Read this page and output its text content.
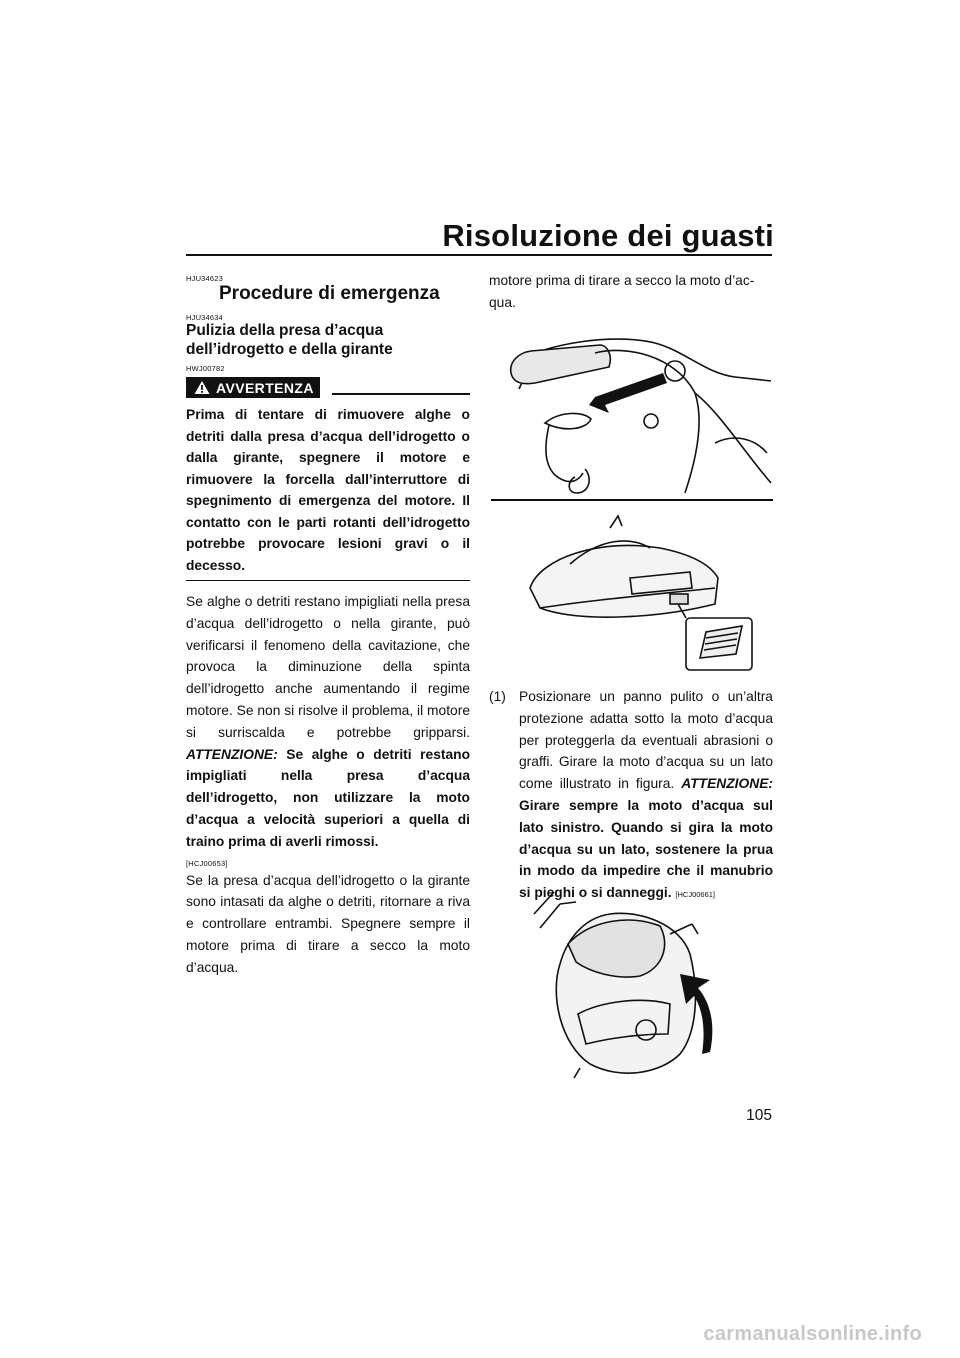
Risoluzione dei guasti
HJU34623
Procedure di emergenza
HJU34634
Pulizia della presa d’acqua
dell’idrogetto e della girante
HWJ00782
AVVERTENZA
Prima di tentare di rimuovere alghe o detriti dalla presa d’acqua dell’idrogetto o dalla girante, spegnere il motore e rimuovere la forcella dall’interruttore di spegnimento di emergenza del motore. Il contatto con le parti rotanti dell’idrogetto potrebbe provocare lesioni gravi o il decesso.

Se alghe o detriti restano impigliati nella presa d’acqua dell’idrogetto o nella girante, può verificarsi il fenomeno della cavitazione, che provoca la diminuzione della spinta dell’idrogetto anche aumentando il regime motore. Se non si risolve il problema, il motore si surriscalda e potrebbe gripparsi. ATTENZIONE: Se alghe o detriti restano impigliati nella presa d’acqua dell’idrogetto, non utilizzare la moto d’acqua a velocità superiori a quella di traino prima di averli rimossi.

[HCJ00653]

Se la presa d’acqua dell’idrogetto o la girante sono intasati da alghe o detriti, ritornare a riva e controllare entrambi. Spegnere sempre il motore prima di tirare a secco la moto d’acqua.

motore prima di tirare a secco la moto d’ac-
qua.

(1) Posizionare un panno pulito o un’altra protezione adatta sotto la moto d’acqua per proteggerla da eventuali abrasioni o graffi. Girare la moto d’acqua su un lato come illustrato in figura. ATTENZIONE: Girare sempre la moto d’acqua sul lato sinistro. Quando si gira la moto d’acqua su un lato, sostenere la prua in modo da impedire che il manubrio si pieghi o si danneggi. [HCJ00661]
105
carmanualsonline.info
